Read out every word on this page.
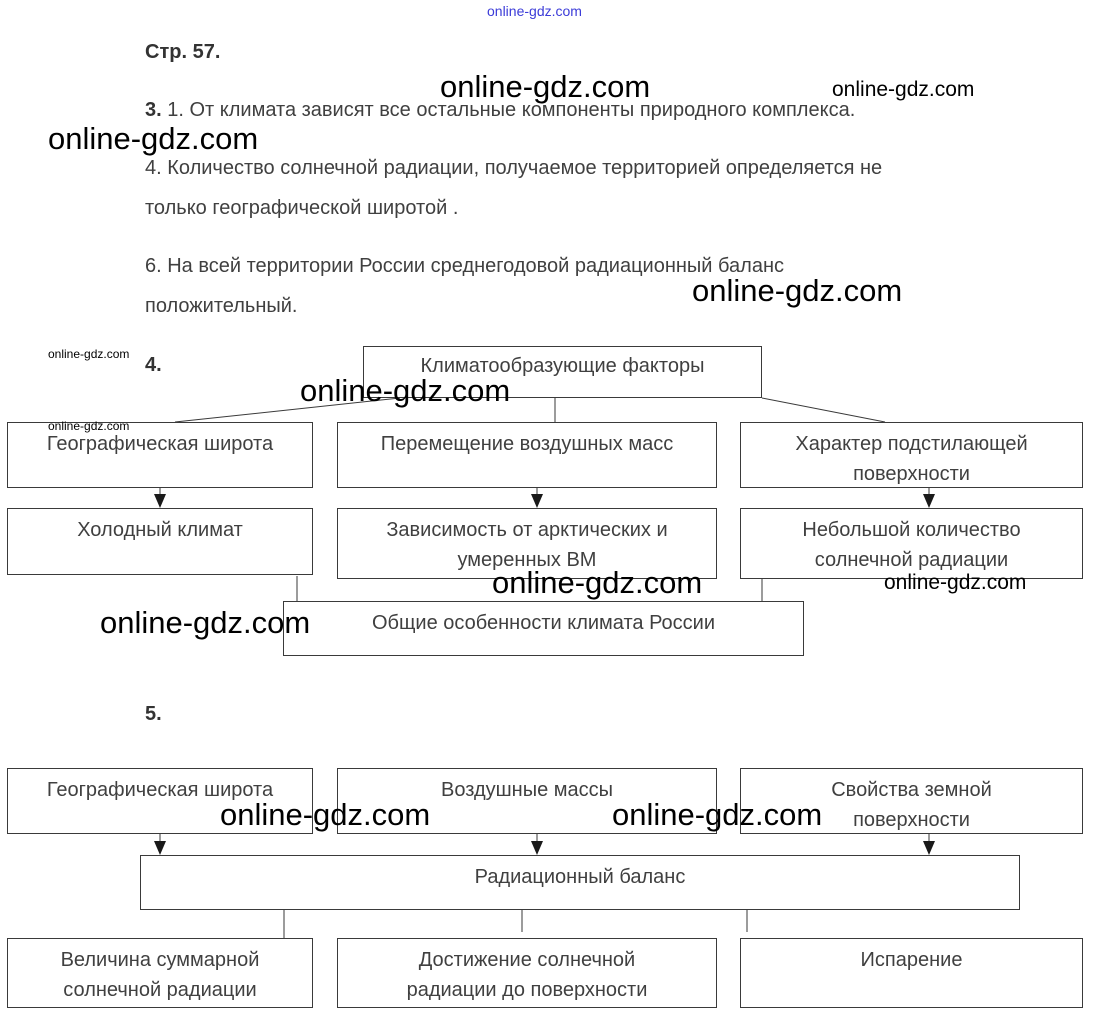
online-gdz.com
Стр. 57.
3. 1. От климата зависят все остальные компоненты природного комплекса.
4. Количество солнечной радиации, получаемое территорией определяется не
только географической широтой .
6. На всей территории России среднегодовой радиационный баланс
положительный.
4.	Климатообразующие факторы
Географическая широта	Перемещение воздушных масс	Характер подстилающей
поверхности
Холодный климат	Зависимость от арктических и
умеренных ВМ
Небольшой количество
солнечной радиации
Общие особенности климата России
5.
Географическая широта	Воздушные массы	Свойства земной
поверхности
Радиационный баланс
Величина суммарной
солнечной радиации
Достижение солнечной
радиации до поверхности
Испарение
online-gdz.com	online-gdz.com
online-gdz.com
online-gdz.com
online-gdz.com
online-gdz.com
online-gdz.com
online-gdz.com	online-gdz.com
online-gdz.com
online-gdz.com	online-gdz.com
